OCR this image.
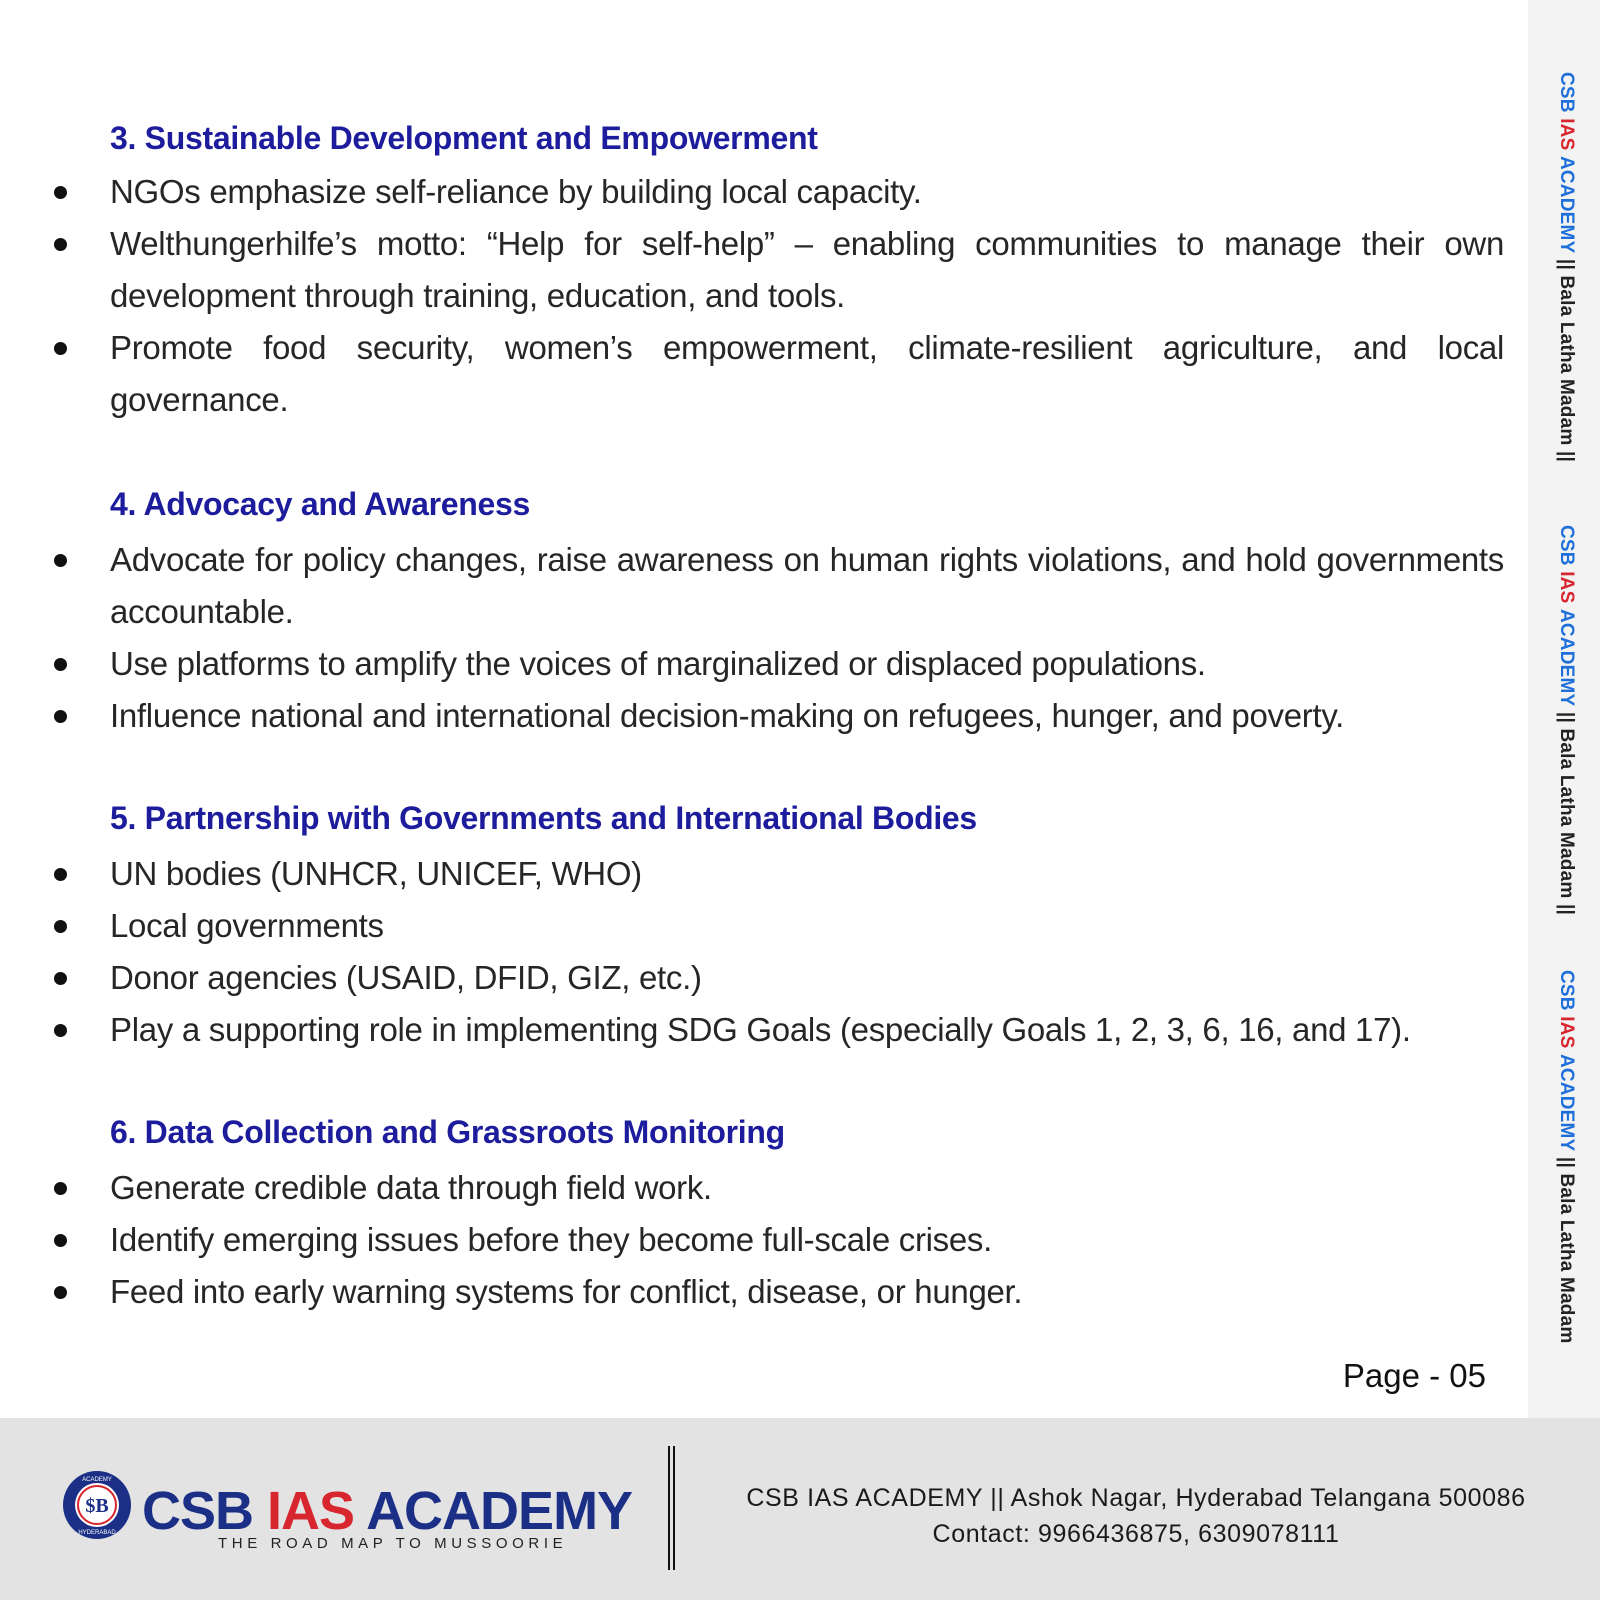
3. Sustainable Development and Empowerment
NGOs emphasize self-reliance by building local capacity.
Welthungerhilfe’s motto: “Help for self-help” – enabling communities to manage their own development through training, education, and tools.
Promote food security, women’s empowerment, climate-resilient agriculture, and local governance.
4. Advocacy and Awareness
Advocate for policy changes, raise awareness on human rights violations, and hold governments accountable.
Use platforms to amplify the voices of marginalized or displaced populations.
Influence national and international decision-making on refugees, hunger, and poverty.
5. Partnership with Governments and International Bodies
UN bodies (UNHCR, UNICEF, WHO)
Local governments
Donor agencies (USAID, DFID, GIZ, etc.)
Play a supporting role in implementing SDG Goals (especially Goals 1, 2, 3, 6, 16, and 17).
6. Data Collection and Grassroots Monitoring
Generate credible data through field work.
Identify emerging issues before they become full-scale crises.
Feed into early warning systems for conflict, disease, or hunger.
Page - 05
CSB IAS ACADEMY || Bala Latha Madam ||
CSB IAS ACADEMY || Bala Latha Madam ||
CSB IAS ACADEMY || Bala Latha Madam
$B
ACADEMY
HYDERABAD CSB IAS ACADEMY
THE ROAD MAP TO MUSSOORIE
CSB IAS ACADEMY || Ashok Nagar, Hyderabad Telangana 500086
Contact: 9966436875, 6309078111
